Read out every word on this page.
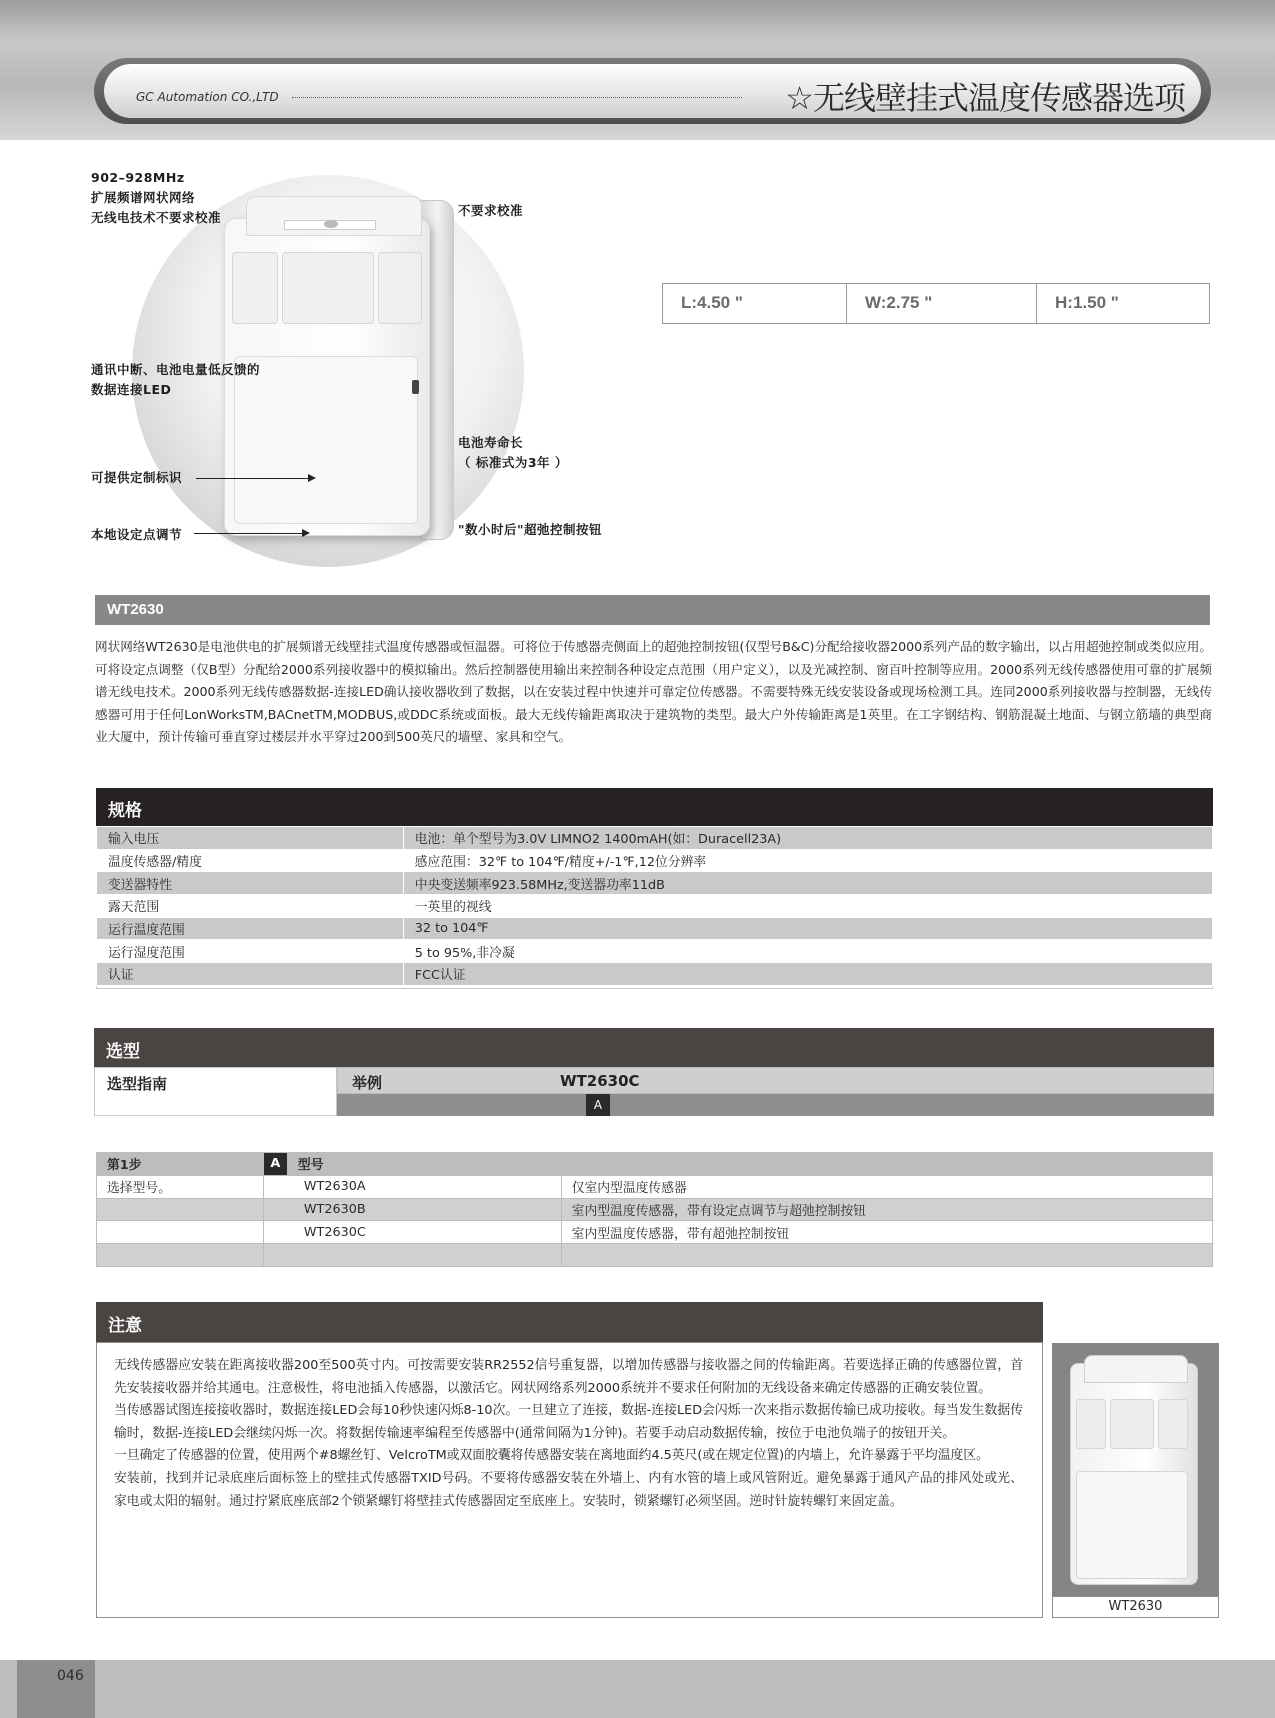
GC Automation CO.,LTD	☆无线壁挂式温度传感器选项
902–928MHz
扩展频谱网状网络
无线电技术不要求校准	不要求校准
通讯中断、电池电量低反馈的
数据连接LED
电池寿命长
（ 标准式为3年 ）
可提供定制标识
本地设定点调节	"数小时后"超弛控制按钮
L:4.50 "	W:2.75 "	H:1.50 "
WT2630
网状网络WT2630是电池供电的扩展频谱无线壁挂式温度传感器或恒温器。可将位于传感器壳侧面上的超弛控制按钮(仅型号B&C)分配给接收器2000系列产品的数字输出，以占用超弛控制或类似应用。可将设定点调整（仅B型）分配给2000系列接收器中的模拟输出。然后控制器使用输出来控制各种设定点范围（用户定义），以及光减控制、窗百叶控制等应用。2000系列无线传感器使用可靠的扩展频谱无线电技术。2000系列无线传感器数据-连接LED确认接收器收到了数据，以在安装过程中快速并可靠定位传感器。不需要特殊无线安装设备或现场检测工具。连同2000系列接收器与控制器，无线传感器可用于任何LonWorksTM,BACnetTM,MODBUS,或DDC系统或面板。最大无线传输距离取决于建筑物的类型。最大户外传输距离是1英里。在工字钢结构、钢筋混凝土地面、与钢立筋墙的典型商业大厦中，预计传输可垂直穿过楼层并水平穿过200到500英尺的墙壁、家具和空气。
规格
输入电压	电池：单个型号为3.0V LIMNO2 1400mAH(如：Duracell23A)
温度传感器/精度	感应范围：32℉ to 104℉/精度+/-1℉,12位分辨率
变送器特性	中央变送频率923.58MHz,变送器功率11dB
露天范围	一英里的视线
运行温度范围	32 to 104℉
运行湿度范围	5 to 95%,非冷凝
认证	FCC认证
选型
选型指南	举例	WT2630C
A
第1步	A	型号	
选择型号。	WT2630A		仅室内型温度传感器
	WT2630B		室内型温度传感器，带有设定点调节与超弛控制按钮
	WT2630C		室内型温度传感器，带有超弛控制按钮

注意

无线传感器应安装在距离接收器200至500英寸内。可按需要安装RR2552信号重复器，以增加传感器与接收器之间的传输距离。若要选择正确的传感器位置，首先安装接收器并给其通电。注意极性，将电池插入传感器，以激活它。网状网络系列2000系统并不要求任何附加的无线设备来确定传感器的正确安装位置。

当传感器试图连接接收器时，数据连接LED会每10秒快速闪烁8-10次。一旦建立了连接，数据-连接LED会闪烁一次来指示数据传输已成功接收。每当发生数据传输时，数据-连接LED会继续闪烁一次。将数据传输速率编程至传感器中(通常间隔为1分钟)。若要手动启动数据传输，按位于电池负端子的按钮开关。

一旦确定了传感器的位置，使用两个#8螺丝钉、VelcroTM或双面胶囊将传感器安装在离地面约4.5英尺(或在规定位置)的内墙上，允许暴露于平均温度区。

安装前，找到并记录底座后面标签上的壁挂式传感器TXID号码。不要将传感器安装在外墙上、内有水管的墙上或风管附近。避免暴露于通风产品的排风处或光、家电或太阳的辐射。通过拧紧底座底部2个锁紧螺钉将壁挂式传感器固定至底座上。安装时，锁紧螺钉必须坚固。逆时针旋转螺钉来固定盖。

WT2630
046
